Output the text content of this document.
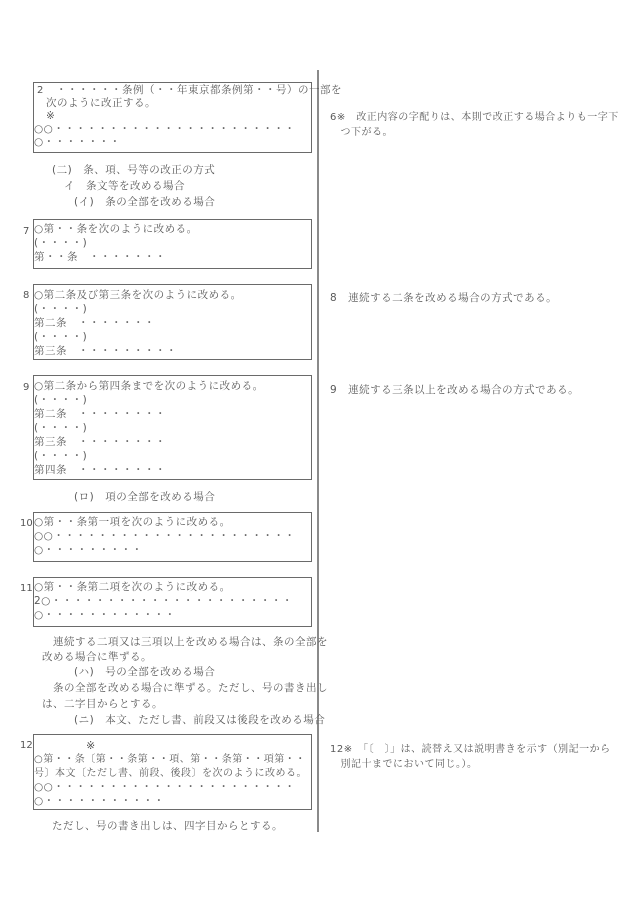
2 ・・・・・・条例（・・年東京都条例第・・号）の一部を
次のように改正する。
※
○○・・・・・・・・・・・・・・・・・・・・・・
○・・・・・・・
(二)　条、項、号等の改正の方式
イ　条文等を改める場合
(イ)　条の全部を改める場合
○第・・条を次のように改める。
(・・・・)
第・・条　・・・・・・・
7
○第二条及び第三条を次のように改める。
(・・・・)
第二条　・・・・・・・
(・・・・)
第三条　・・・・・・・・・
8
○第二条から第四条までを次のように改める。
(・・・・)
第二条　・・・・・・・・
(・・・・)
第三条　・・・・・・・・
(・・・・)
第四条　・・・・・・・・
9
(ロ)　項の全部を改める場合
○第・・条第一項を次のように改める。
○○・・・・・・・・・・・・・・・・・・・・・・
○・・・・・・・・・
10
○第・・条第二項を次のように改める。
2○・・・・・・・・・・・・・・・・・・・・・・
○・・・・・・・・・・・・
11
　連続する二項又は三項以上を改める場合は、条の全部を
改める場合に準ずる。
(ハ)　号の全部を改める場合
　条の全部を改める場合に準ずる。ただし、号の書き出し
は、二字目からとする。
(ニ)　本文、ただし書、前段又は後段を改める場合
※
○第・・条〔第・・条第・・項、第・・条第・・項第・・
号〕本文〔ただし書、前段、後段〕を次のように改める。
○○・・・・・・・・・・・・・・・・・・・・・・
○・・・・・・・・・・・
12
ただし、号の書き出しは、四字目からとする。
6※　改正内容の字配りは、本則で改正する場合よりも一字下
　つ下がる。
8　連続する二条を改める場合の方式である。
9　連続する三条以上を改める場合の方式である。
12※　「〔　〕」は、読替え又は説明書きを示す（別記一から
　別記十までにおいて同じ。）。
